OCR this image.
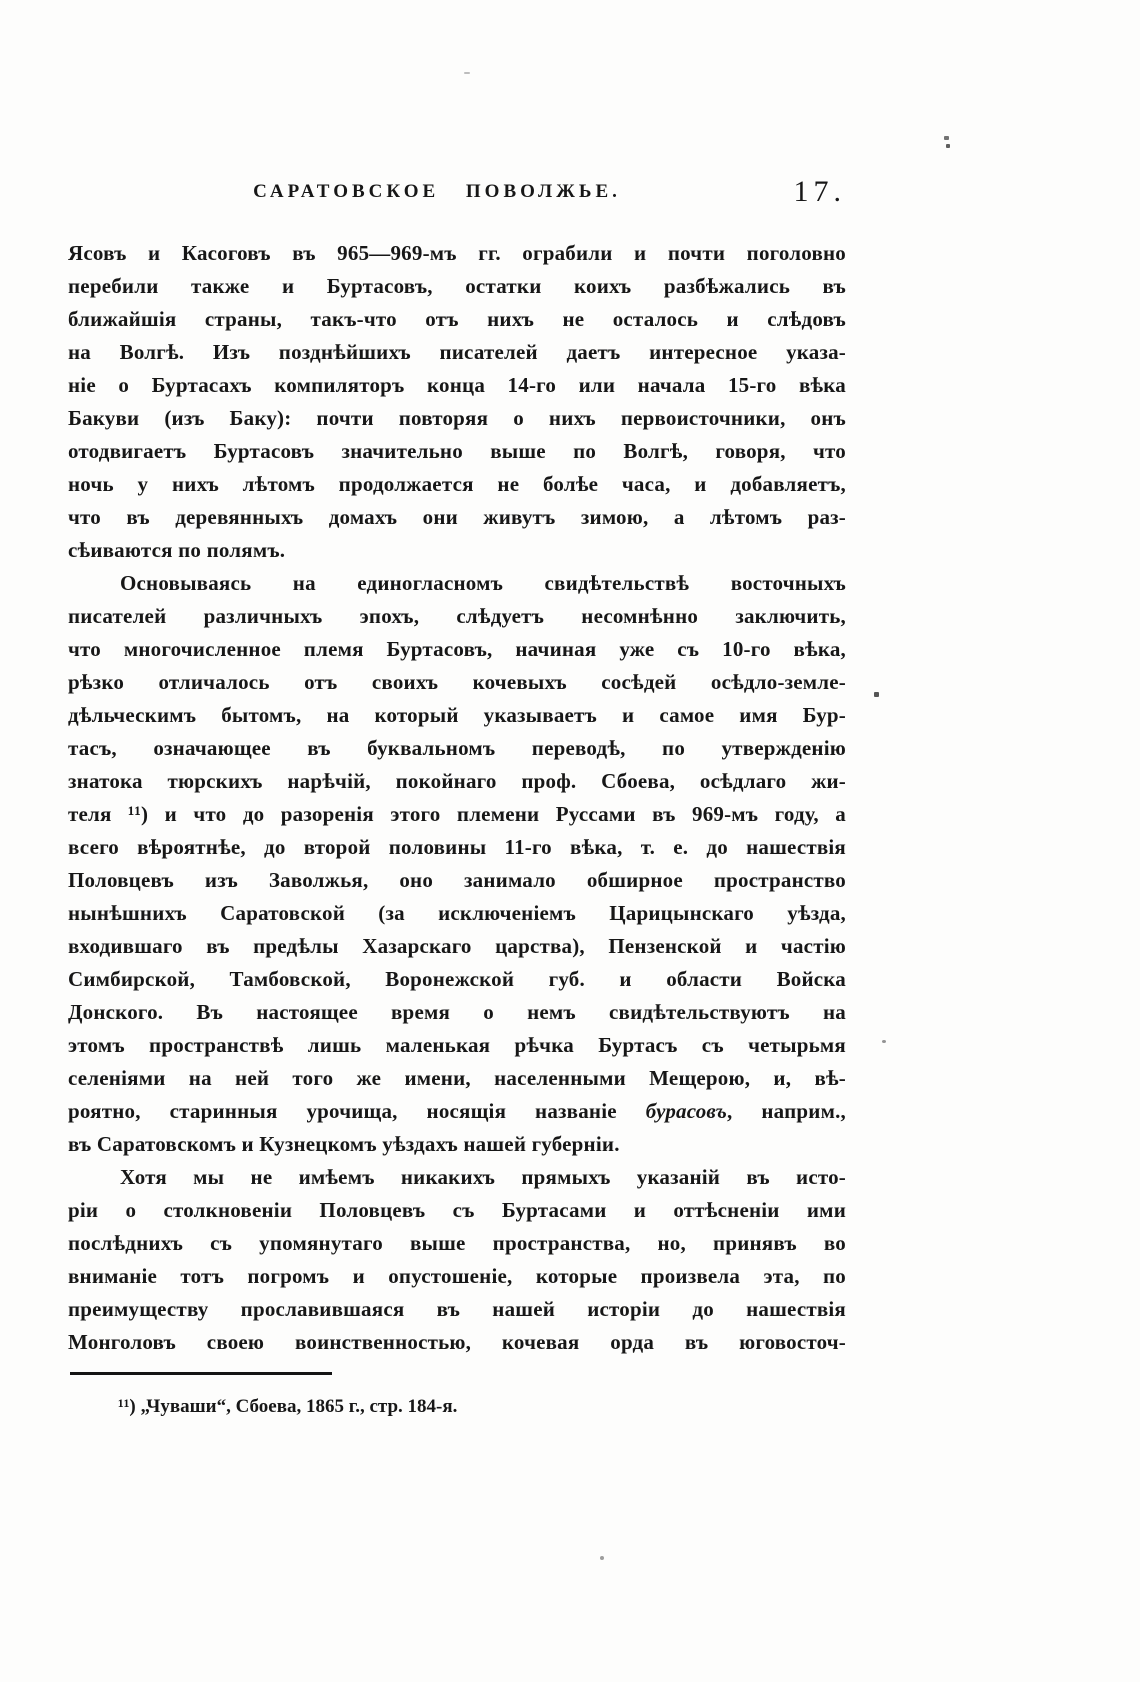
САРАТОВСКОЕ ПОВОЛЖЬЕ.	17.
Ясовъ и Касоговъ въ 965—969-мъ гг. ограбили и почти поголовно
перебили также и Буртасовъ, остатки коихъ разбѣжались въ
ближайшія страны, такъ-что отъ нихъ не осталось и слѣдовъ
на Волгѣ. Изъ позднѣйшихъ писателей даетъ интересное указа-
ніе о Буртасахъ компиляторъ конца 14-го или начала 15-го вѣка
Бакуви (изъ Баку): почти повторяя о нихъ первоисточники, онъ
отодвигаетъ Буртасовъ значительно выше по Волгѣ, говоря, что
ночь у нихъ лѣтомъ продолжается не болѣе часа, и добавляетъ,
что въ деревянныхъ домахъ они живутъ зимою, а лѣтомъ раз-
сѣиваются по полямъ.
Основываясь на единогласномъ свидѣтельствѣ восточныхъ
писателей различныхъ эпохъ, слѣдуетъ несомнѣнно заключить,
что многочисленное племя Буртасовъ, начиная уже съ 10-го вѣка,
рѣзко отличалось отъ своихъ кочевыхъ сосѣдей осѣдло-земле-
дѣльческимъ бытомъ, на который указываетъ и самое имя Бур-
тасъ, означающее въ буквальномъ переводѣ, по утвержденію
знатока тюрскихъ нарѣчій, покойнаго проф. Сбоева, осѣдлаго жи-
теля ¹¹) и что до разоренія этого племени Руссами въ 969-мъ году, а
всего вѣроятнѣе, до второй половины 11-го вѣка, т. е. до нашествія
Половцевъ изъ Заволжья, оно занимало обширное пространство
нынѣшнихъ Саратовской (за исключеніемъ Царицынскаго уѣзда,
входившаго въ предѣлы Хазарскаго царства), Пензенской и частію
Симбирской, Тамбовской, Воронежской губ. и области Войска
Донского. Въ настоящее время о немъ свидѣтельствуютъ на
этомъ пространствѣ лишь маленькая рѣчка Буртасъ съ четырьмя
селеніями на ней того же имени, населенными Мещерою, и, вѣ-
роятно, старинныя урочища, носящія названіе бурасовъ, наприм.,
въ Саратовскомъ и Кузнецкомъ уѣздахъ нашей губерніи.
Хотя мы не имѣемъ никакихъ прямыхъ указаній въ исто-
ріи о столкновеніи Половцевъ съ Буртасами и оттѣсненіи ими
послѣднихъ съ упомянутаго выше пространства, но, принявъ во
вниманіе тотъ погромъ и опустошеніе, которые произвела эта, по
преимуществу прославившаяся въ нашей исторіи до нашествія
Монголовъ своею воинственностью, кочевая орда въ юговосточ-
¹¹) „Чуваши“, Сбоева, 1865 г., стр. 184-я.
